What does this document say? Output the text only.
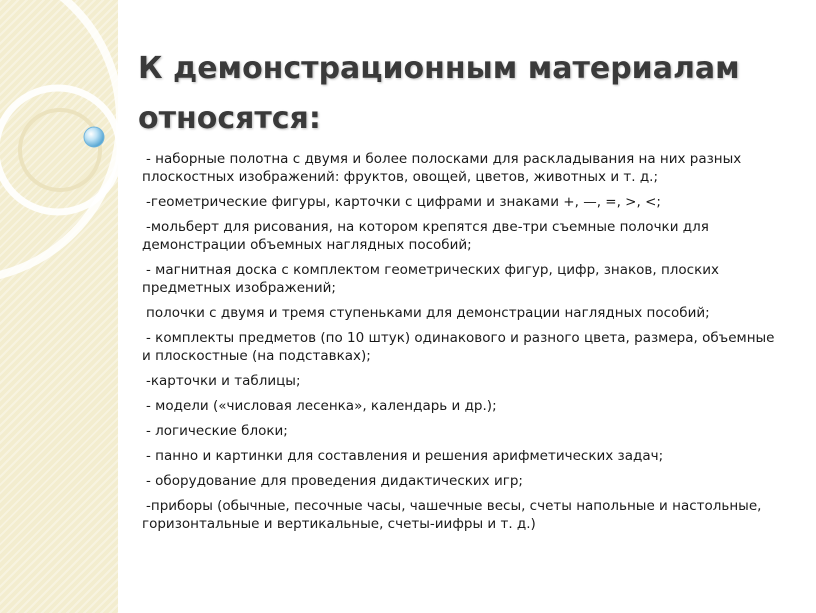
К демонстрационным материалам относятся:

- наборные полотна с двумя и более полосками для раскладывания на них разных плоскостных изображений: фруктов, овощей, цветов, животных и т. д.;

-геометрические фигуры, карточки с цифрами и знаками +, —, =, >, <;

-мольберт для рисования, на котором крепятся две-три съемные полочки для демонстрации объемных наглядных пособий;

- магнитная доска с комплектом геометрических фигур, цифр, знаков, плоских предметных изображений;

полочки с двумя и тремя ступеньками для демонстрации наглядных пособий;

- комплекты предметов (по 10 штук) одинакового и разного цвета, размера, объемные и плоскостные (на подставках);

-карточки и таблицы;

- модели («числовая лесенка», календарь и др.);

- логические блоки;

- панно и картинки для составления и решения арифметических задач;

- оборудование для проведения дидактических игр;

-приборы (обычные, песочные часы, чашечные весы, счеты напольные и настольные, горизонтальные и вертикальные, счеты-иифры и т. д.)
